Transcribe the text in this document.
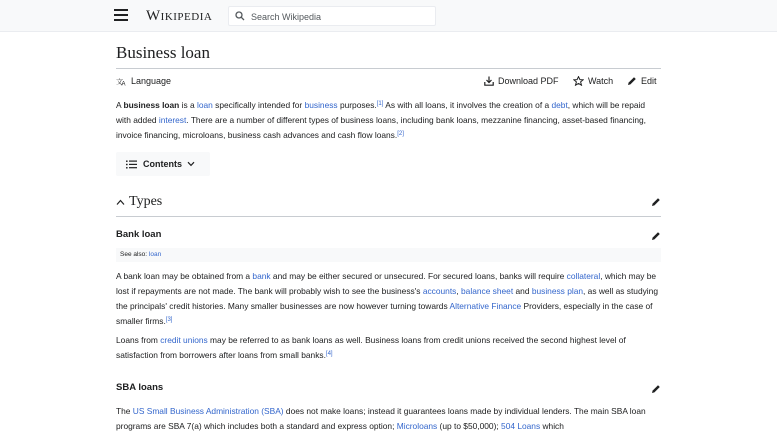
Wikipedia
Search Wikipedia
Business loan
文
A Language	Download PDF	Watch	Edit

A business loan is a loan specifically intended for business purposes.[1] As with all loans, it involves the creation of a debt, which will be repaid with added interest. There are a number of different types of business loans, including bank loans, mezzanine financing, asset-based financing, invoice financing, microloans, business cash advances and cash flow loans.[2]

Contents
Types
Bank loan
See also: loan

A bank loan may be obtained from a bank and may be either secured or unsecured. For secured loans, banks will require collateral, which may be lost if repayments are not made. The bank will probably wish to see the business's accounts, balance sheet and business plan, as well as studying the principals' credit histories. Many smaller businesses are now however turning towards Alternative Finance Providers, especially in the case of smaller firms.[3]

Loans from credit unions may be referred to as bank loans as well. Business loans from credit unions received the second highest level of satisfaction from borrowers after loans from small banks.[4]

SBA loans

The US Small Business Administration (SBA) does not make loans; instead it guarantees loans made by individual lenders. The main SBA loan programs are SBA 7(a) which includes both a standard and express option; Microloans (up to $50,000); 504 Loans which
